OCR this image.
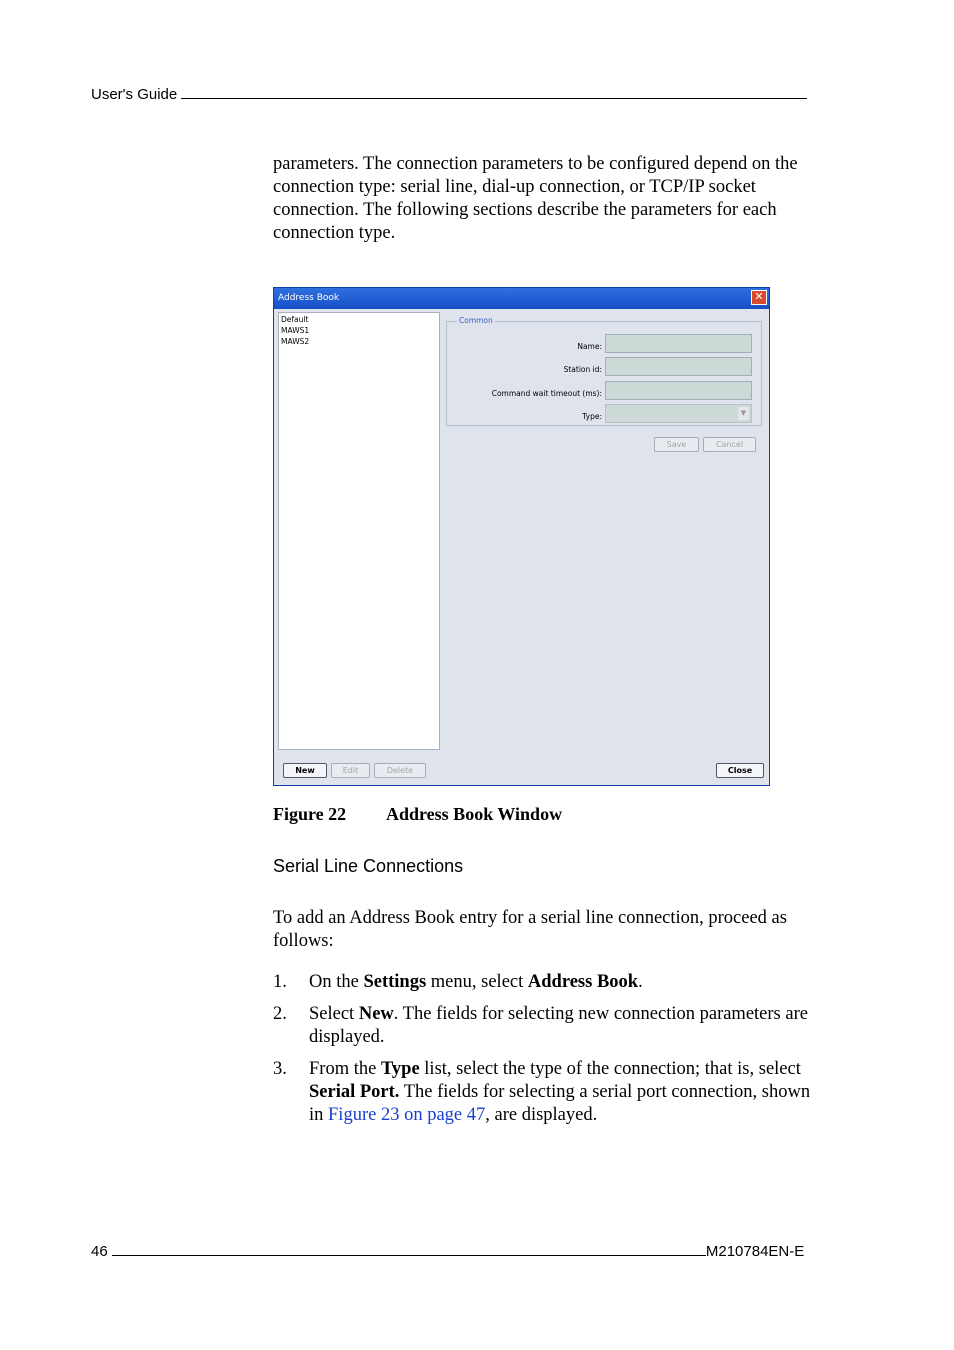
User's Guide
parameters. The connection parameters to be configured depend on the connection type: serial line, dial-up connection, or TCP/IP socket connection. The following sections describe the parameters for each connection type.
Address Book	✕
Default
MAWS1
MAWS2
Common
Name:
Station id:
Command wait timeout (ms):
Type:	▼
Save	Cancel
New	Edit	Delete	Close
Figure 22 Address Book Window
Serial Line Connections
To add an Address Book entry for a serial line connection, proceed as follows:
1. On the Settings menu, select Address Book.
2. Select New. The fields for selecting new connection parameters are displayed.
3. From the Type list, select the type of the connection; that is, select Serial Port. The fields for selecting a serial port connection, shown in Figure 23 on page 47, are displayed.
46	M210784EN-E
